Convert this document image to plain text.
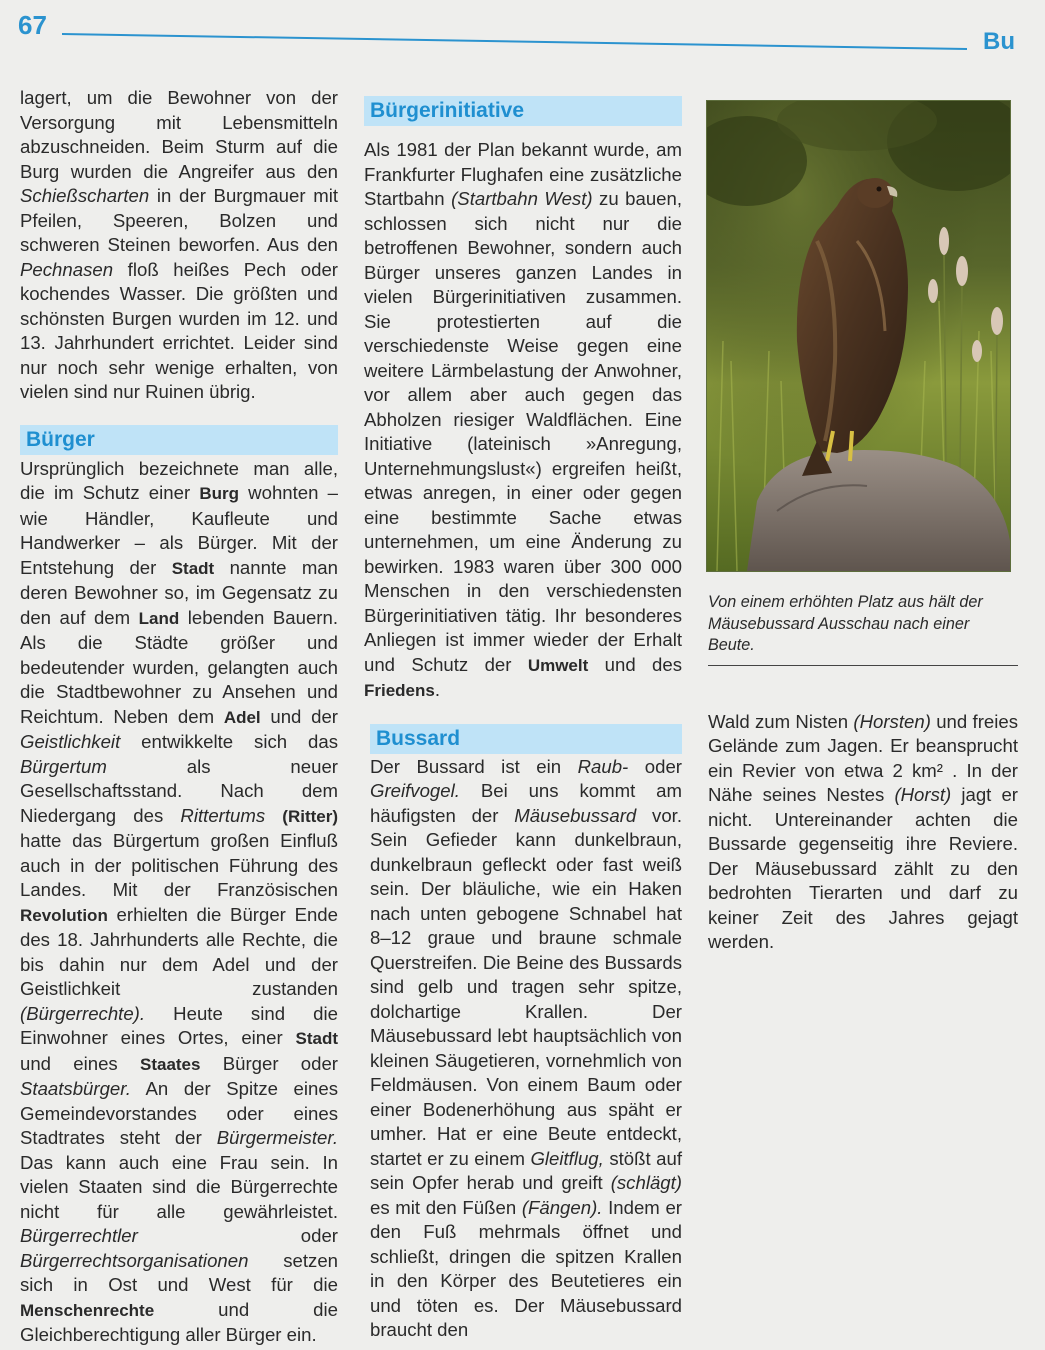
67
Bu

lagert, um die Bewohner von der Versorgung mit Lebensmitteln abzuschneiden. Beim Sturm auf die Burg wurden die Angreifer aus den Schießscharten in der Burgmauer mit Pfeilen, Speeren, Bolzen und schweren Steinen beworfen. Aus den Pechnasen floß heißes Pech oder kochendes Wasser. Die größten und schönsten Burgen wurden im 12. und 13. Jahrhundert errichtet. Leider sind nur noch sehr wenige erhalten, von vielen sind nur Ruinen übrig.

Bürger

Ursprünglich bezeichnete man alle, die im Schutz einer Burg wohnten – wie Händler, Kaufleute und Handwerker – als Bürger. Mit der Entstehung der Stadt nannte man deren Bewohner so, im Gegensatz zu den auf dem Land lebenden Bauern. Als die Städte größer und bedeutender wurden, gelangten auch die Stadtbewohner zu Ansehen und Reichtum. Neben dem Adel und der Geistlichkeit entwikkelte sich das Bürgertum als neuer Gesellschaftsstand. Nach dem Niedergang des Rittertums (Ritter) hatte das Bürgertum großen Einfluß auch in der politischen Führung des Landes. Mit der Französischen Revolution erhielten die Bürger Ende des 18. Jahrhunderts alle Rechte, die bis dahin nur dem Adel und der Geistlichkeit zustanden (Bürgerrechte). Heute sind die Einwohner eines Ortes, einer Stadt und eines Staates Bürger oder Staatsbürger. An der Spitze eines Gemeindevorstandes oder eines Stadtrates steht der Bürgermeister. Das kann auch eine Frau sein. In vielen Staaten sind die Bürgerrechte nicht für alle gewährleistet. Bürgerrechtler oder Bürgerrechtsorganisationen setzen sich in Ost und West für die Menschenrechte und die Gleichberechtigung aller Bürger ein.

Bürgerinitiative

Als 1981 der Plan bekannt wurde, am Frankfurter Flughafen eine zusätzliche Startbahn (Startbahn West) zu bauen, schlossen sich nicht nur die betroffenen Bewohner, sondern auch Bürger unseres ganzen Landes in vielen Bürgerinitiativen zusammen. Sie protestierten auf die verschiedenste Weise gegen eine weitere Lärmbelastung der Anwohner, vor allem aber auch gegen das Abholzen riesiger Waldflächen. Eine Initiative (lateinisch »Anregung, Unternehmungslust«) ergreifen heißt, etwas anregen, in einer oder gegen eine bestimmte Sache etwas unternehmen, um eine Änderung zu bewirken. 1983 waren über 300 000 Menschen in den verschiedensten Bürgerinitiativen tätig. Ihr besonderes Anliegen ist immer wieder der Erhalt und Schutz der Umwelt und des Friedens.

Bussard

Der Bussard ist ein Raub- oder Greifvogel. Bei uns kommt am häufigsten der Mäusebussard vor. Sein Gefieder kann dunkelbraun, dunkelbraun gefleckt oder fast weiß sein. Der bläuliche, wie ein Haken nach unten gebogene Schnabel hat 8–12 graue und braune schmale Querstreifen. Die Beine des Bussards sind gelb und tragen sehr spitze, dolchartige Krallen. Der Mäusebussard lebt hauptsächlich von kleinen Säugetieren, vornehmlich von Feldmäusen. Von einem Baum oder einer Bodenerhöhung aus späht er umher. Hat er eine Beute entdeckt, startet er zu einem Gleitflug, stößt auf sein Opfer herab und greift (schlägt) es mit den Füßen (Fängen). Indem er den Fuß mehrmals öffnet und schließt, dringen die spitzen Krallen in den Körper des Beutetieres ein und töten es. Der Mäusebussard braucht den

Von einem erhöhten Platz aus hält der Mäusebussard Ausschau nach einer Beute.

Wald zum Nisten (Horsten) und freies Gelände zum Jagen. Er beansprucht ein Revier von etwa 2 km² . In der Nähe seines Nestes (Horst) jagt er nicht. Untereinander achten die Bussarde gegenseitig ihre Reviere. Der Mäusebussard zählt zu den bedrohten Tierarten und darf zu keiner Zeit des Jahres gejagt werden.
